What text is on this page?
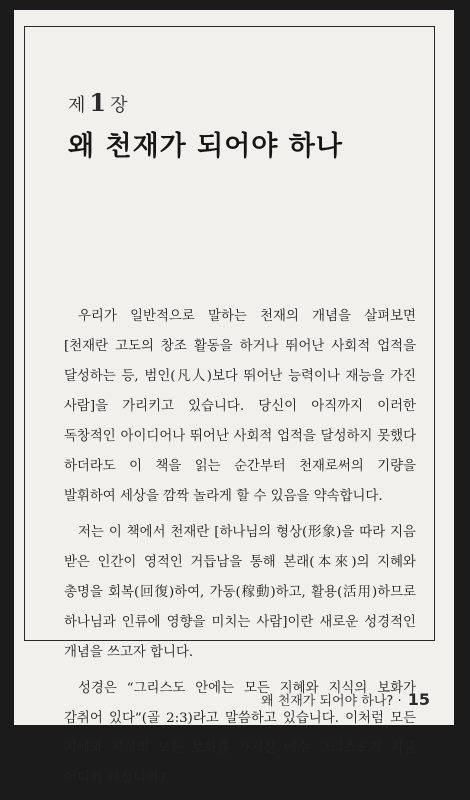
제 1 장
왜 천재가 되어야 하나

우리가 일반적으로 말하는 천재의 개념을 살펴보면 [천재란 고도의 창조 활동을 하거나 뛰어난 사회적 업적을 달성하는 등, 범인(凡人)보다 뛰어난 능력이나 재능을 가진 사람]을 가리키고 있습니다. 당신이 아직까지 이러한 독창적인 아이디어나 뛰어난 사회적 업적을 달성하지 못했다 하더라도 이 책을 읽는 순간부터 천재로써의 기량을 발휘하여 세상을 깜짝 놀라게 할 수 있음을 약속합니다.

저는 이 책에서 천재란 [하나님의 형상(形象)을 따라 지음 받은 인간이 영적인 거듭남을 통해 본래(本來)의 지혜와 총명을 회복(回復)하여, 가동(稼動)하고, 활용(活用)하므로 하나님과 인류에 영향을 미치는 사람]이란 새로운 성경적인 개념을 쓰고자 합니다.

성경은 “그리스도 안에는 모든 지혜와 지식의 보화가 감취어 있다”(골 2:3)라고 말씀하고 있습니다. 이처럼 모든 지혜와 지식의 모든 보화를 가지신 예수 그리스도가 지금 어디에 계십니까?

왜 천재가 되어야 하나? · 15
